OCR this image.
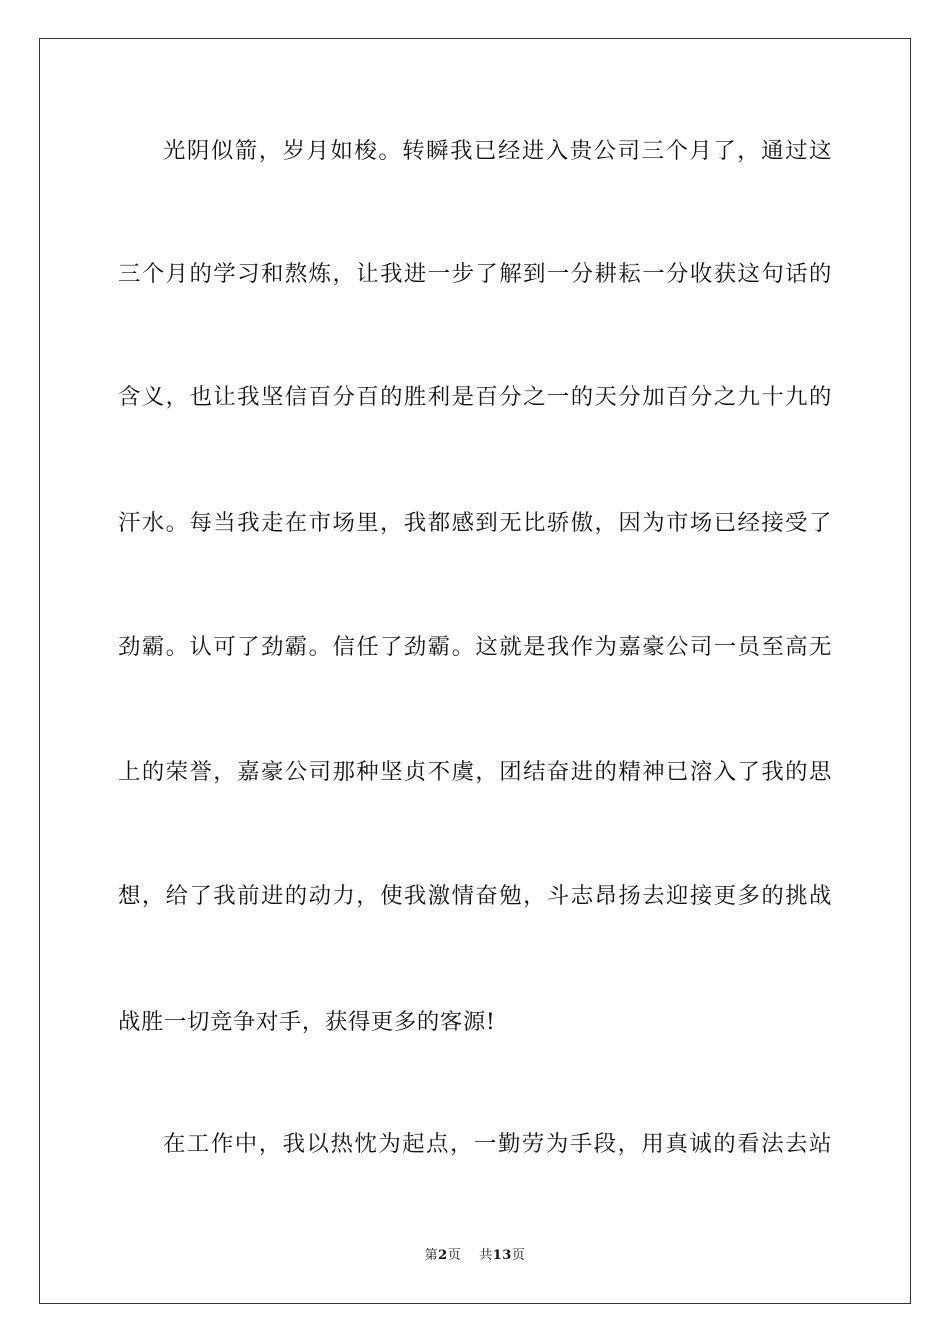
光阴似箭，岁月如梭。转瞬我已经进入贵公司三个月了，通过这
三个月的学习和熬炼，让我进一步了解到一分耕耘一分收获这句话的
含义，也让我坚信百分百的胜利是百分之一的天分加百分之九十九的
汗水。每当我走在市场里，我都感到无比骄傲，因为市场已经接受了
劲霸。认可了劲霸。信任了劲霸。这就是我作为嘉豪公司一员至高无
上的荣誉，嘉豪公司那种坚贞不虞，团结奋进的精神已溶入了我的思
想，给了我前进的动力，使我激情奋勉，斗志昂扬去迎接更多的挑战
战胜一切竞争对手，获得更多的客源!
在工作中，我以热忱为起点，一勤劳为手段，用真诚的看法去站
第2页 共13页
